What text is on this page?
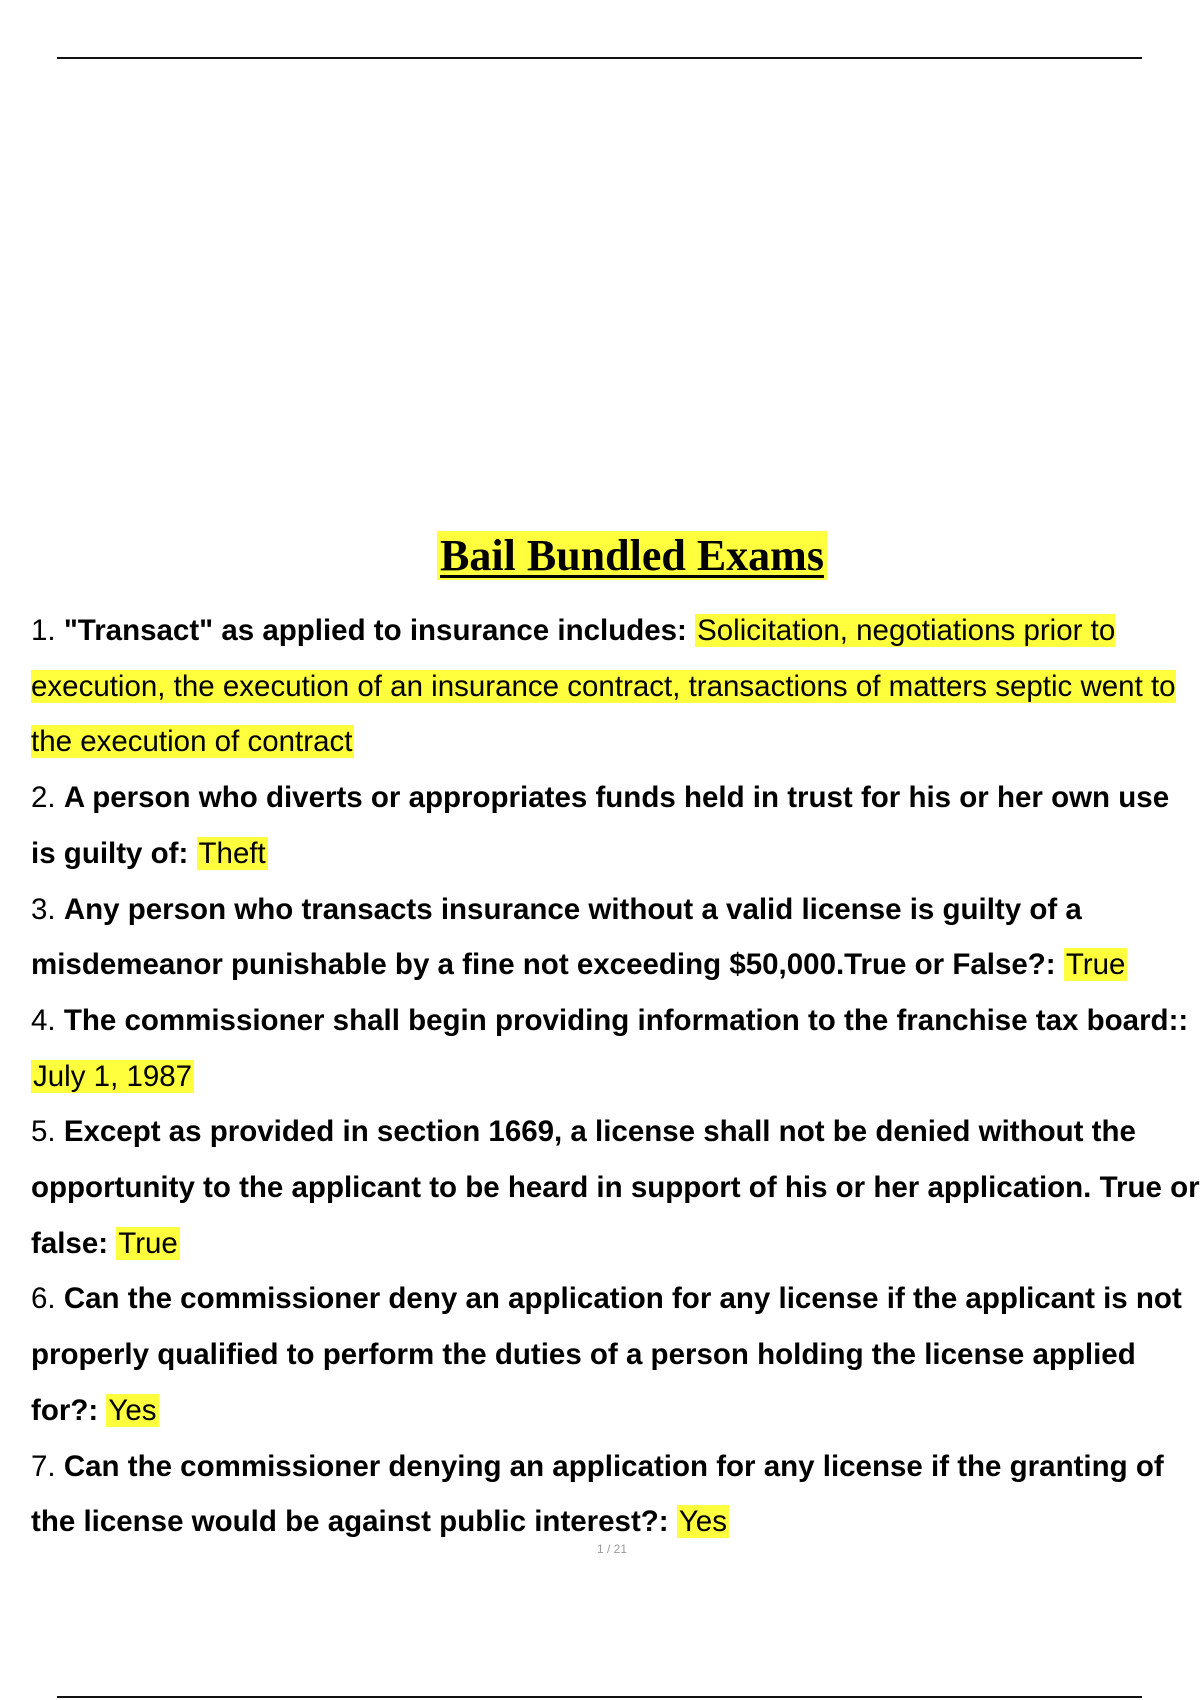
Bail Bundled Exams
1. "Transact" as applied to insurance includes: Solicitation, negotiations prior to execution, the execution of an insurance contract, transactions of matters septic went to the execution of contract
2. A person who diverts or appropriates funds held in trust for his or her own use is guilty of: Theft
3. Any person who transacts insurance without a valid license is guilty of a misdemeanor punishable by a fine not exceeding $50,000.True or False?: True
4. The commissioner shall begin providing information to the franchise tax board:: July 1, 1987
5. Except as provided in section 1669, a license shall not be denied without the opportunity to the applicant to be heard in support of his or her application. True or false: True
6. Can the commissioner deny an application for any license if the applicant is not properly qualified to perform the duties of a person holding the license applied for?: Yes
7. Can the commissioner denying an application for any license if the granting of the license would be against public interest?: Yes
1 / 21
